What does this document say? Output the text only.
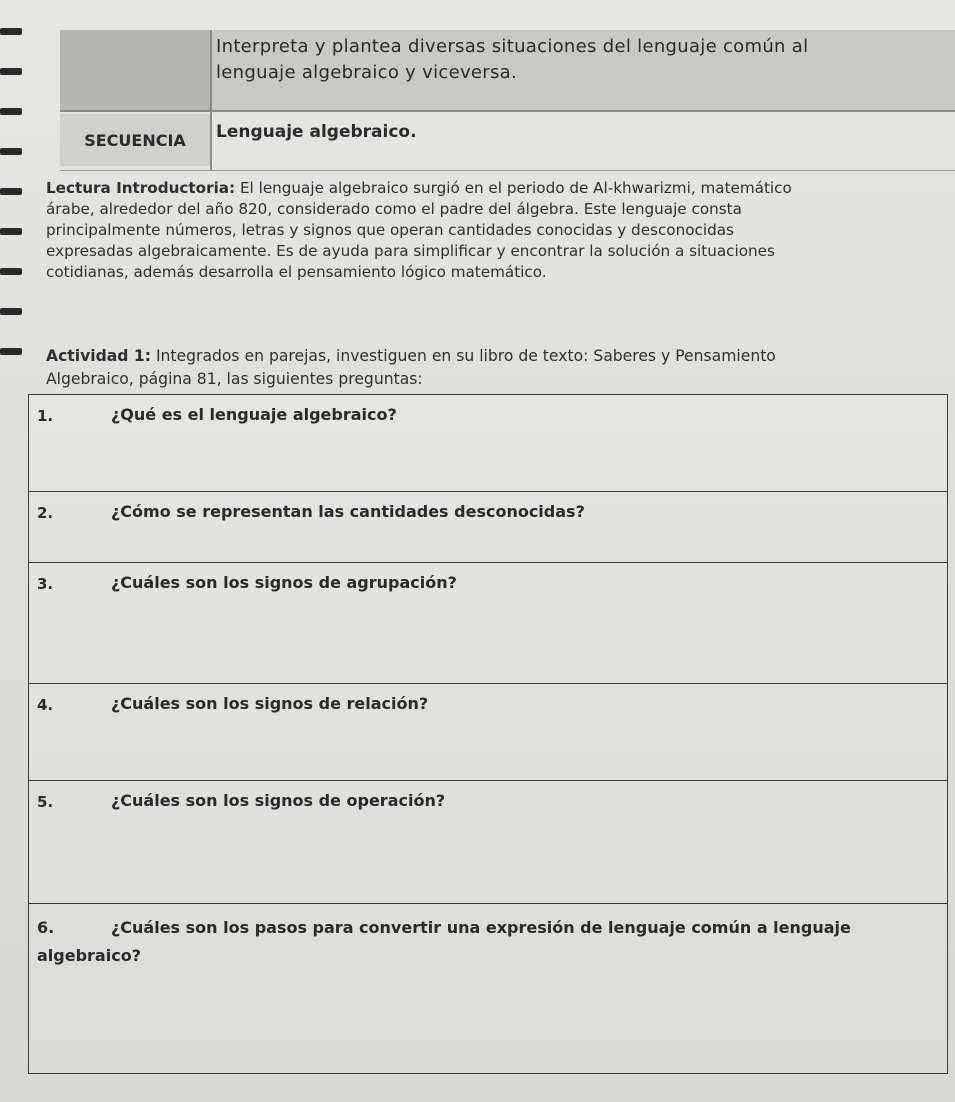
Interpreta y plantea diversas situaciones del lenguaje común al
lenguaje algebraico y viceversa.
SECUENCIA	Lenguaje algebraico.
Lectura Introductoria: El lenguaje algebraico surgió en el periodo de Al-khwarizmi, matemático
árabe, alrededor del año 820, considerado como el padre del álgebra. Este lenguaje consta
principalmente números, letras y signos que operan cantidades conocidas y desconocidas
expresadas algebraicamente. Es de ayuda para simplificar y encontrar la solución a situaciones
cotidianas, además desarrolla el pensamiento lógico matemático.
Actividad 1: Integrados en parejas, investiguen en su libro de texto: Saberes y Pensamiento
Algebraico, página 81, las siguientes preguntas:
1.	¿Qué es el lenguaje algebraico?
2.	¿Cómo se representan las cantidades desconocidas?
3.	¿Cuáles son los signos de agrupación?
4.	¿Cuáles son los signos de relación?
5.	¿Cuáles son los signos de operación?
6.	¿Cuáles son los pasos para convertir una expresión de lenguaje común a lenguaje algebraico?
